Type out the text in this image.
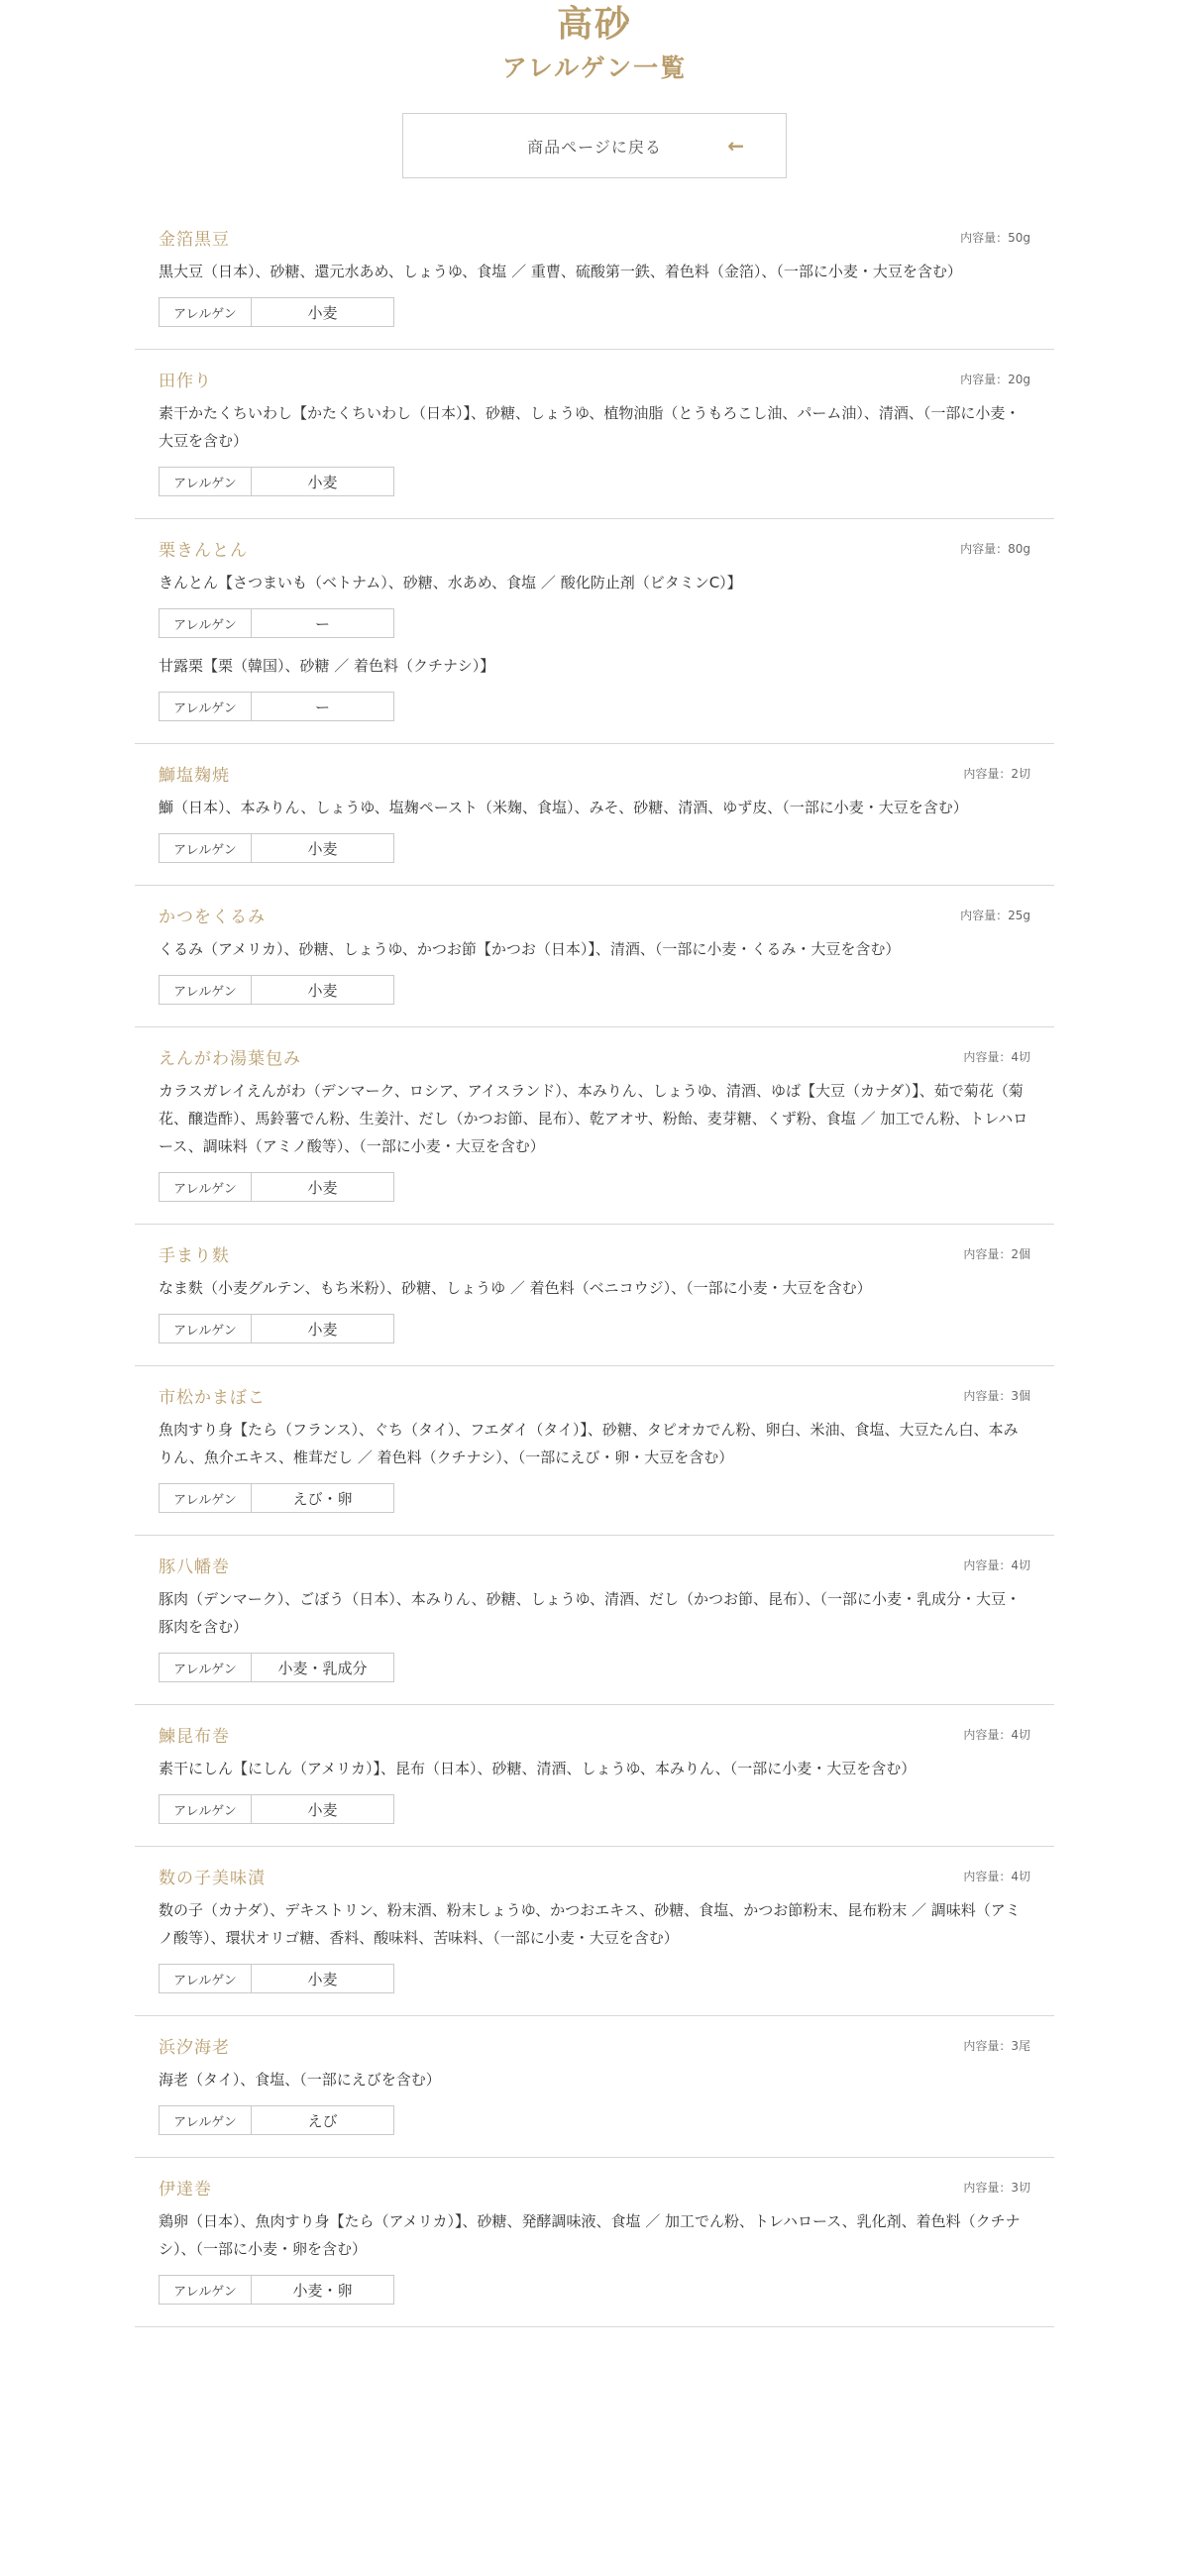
高砂
アレルゲン一覧
商品ページに戻る	←
金箔黒豆	内容量：50g
黒大豆（日本）、砂糖、還元水あめ、しょうゆ、食塩 ／ 重曹、硫酸第一鉄、着色料（金箔）、（一部に小麦・大豆を含む）
アレルゲン	小麦
田作り	内容量：20g
素干かたくちいわし【かたくちいわし（日本）】、砂糖、しょうゆ、植物油脂（とうもろこし油、パーム油）、清酒、（一部に小麦・大豆を含む）
アレルゲン	小麦
栗きんとん	内容量：80g
きんとん【さつまいも（ベトナム）、砂糖、水あめ、食塩 ／ 酸化防止剤（ビタミンC）】
アレルゲン	ー
甘露栗【栗（韓国）、砂糖 ／ 着色料（クチナシ）】
アレルゲン	ー
鰤塩麹焼	内容量：2切
鰤（日本）、本みりん、しょうゆ、塩麹ペースト（米麹、食塩）、みそ、砂糖、清酒、ゆず皮、（一部に小麦・大豆を含む）
アレルゲン	小麦
かつをくるみ	内容量：25g
くるみ（アメリカ）、砂糖、しょうゆ、かつお節【かつお（日本）】、清酒、（一部に小麦・くるみ・大豆を含む）
アレルゲン	小麦
えんがわ湯葉包み	内容量：4切
カラスガレイえんがわ（デンマーク、ロシア、アイスランド）、本みりん、しょうゆ、清酒、ゆば【大豆（カナダ）】、茹で菊花（菊花、醸造酢）、馬鈴薯でん粉、生姜汁、だし（かつお節、昆布）、乾アオサ、粉飴、麦芽糖、くず粉、食塩 ／ 加工でん粉、トレハロース、調味料（アミノ酸等）、（一部に小麦・大豆を含む）
アレルゲン	小麦
手まり麩	内容量：2個
なま麩（小麦グルテン、もち米粉）、砂糖、しょうゆ ／ 着色料（ベニコウジ）、（一部に小麦・大豆を含む）
アレルゲン	小麦
市松かまぼこ	内容量：3個
魚肉すり身【たら（フランス）、ぐち（タイ）、フエダイ（タイ）】、砂糖、タピオカでん粉、卵白、米油、食塩、大豆たん白、本みりん、魚介エキス、椎茸だし ／ 着色料（クチナシ）、（一部にえび・卵・大豆を含む）
アレルゲン	えび・卵
豚八幡巻	内容量：4切
豚肉（デンマーク）、ごぼう（日本）、本みりん、砂糖、しょうゆ、清酒、だし（かつお節、昆布）、（一部に小麦・乳成分・大豆・豚肉を含む）
アレルゲン	小麦・乳成分
鰊昆布巻	内容量：4切
素干にしん【にしん（アメリカ）】、昆布（日本）、砂糖、清酒、しょうゆ、本みりん、（一部に小麦・大豆を含む）
アレルゲン	小麦
数の子美味漬	内容量：4切
数の子（カナダ）、デキストリン、粉末酒、粉末しょうゆ、かつおエキス、砂糖、食塩、かつお節粉末、昆布粉末 ／ 調味料（アミノ酸等）、環状オリゴ糖、香料、酸味料、苦味料、（一部に小麦・大豆を含む）
アレルゲン	小麦
浜汐海老	内容量：3尾
海老（タイ）、食塩、（一部にえびを含む）
アレルゲン	えび
伊達巻	内容量：3切
鶏卵（日本）、魚肉すり身【たら（アメリカ）】、砂糖、発酵調味液、食塩 ／ 加工でん粉、トレハロース、乳化剤、着色料（クチナシ）、（一部に小麦・卵を含む）
アレルゲン	小麦・卵
